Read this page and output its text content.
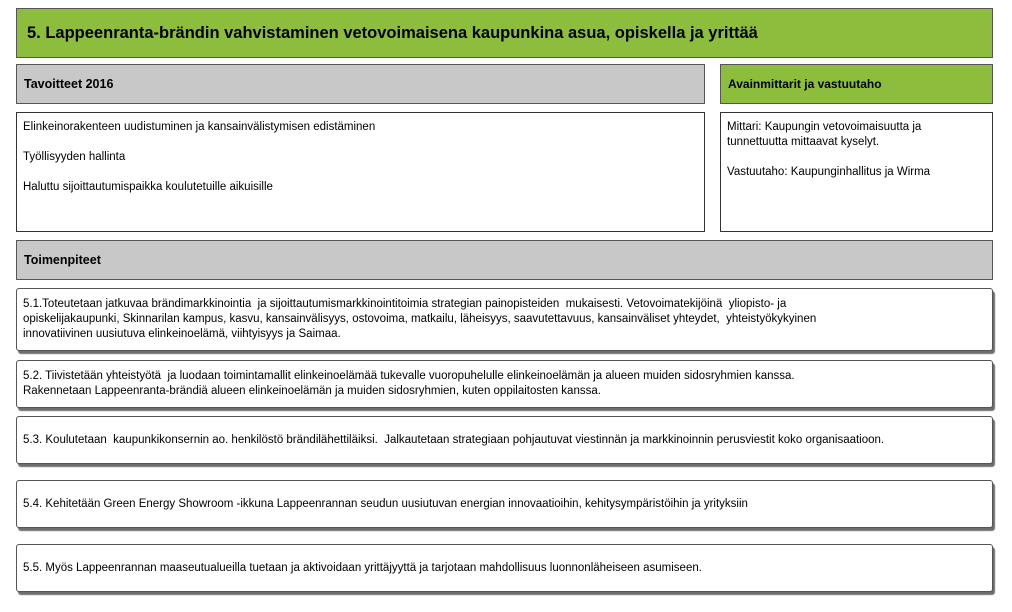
5. Lappeenranta-brändin vahvistaminen vetovoimaisena kaupunkina asua, opiskella ja yrittää
Tavoitteet 2016	Avainmittarit ja vastuutaho
Elinkeinorakenteen uudistuminen ja kansainvälistymisen edistäminen
Työllisyyden hallinta
Haluttu sijoittautumispaikka koulutetuille aikuisille
Mittari: Kaupungin vetovoimaisuutta ja
tunnettuutta mittaavat kyselyt.
Vastuutaho: Kaupunginhallitus ja Wirma
Toimenpiteet
5.1.Toteutetaan jatkuvaa brändimarkkinointia  ja sijoittautumismarkkinointitoimia strategian painopisteiden  mukaisesti. Vetovoimatekijöinä  yliopisto- ja
opiskelijakaupunki, Skinnarilan kampus, kasvu, kansainvälisyys, ostovoima, matkailu, läheisyys, saavutettavuus, kansainväliset yhteydet,  yhteistyökykyinen
innovatiivinen uusiutuva elinkeinoelämä, viihtyisyys ja Saimaa.
5.2. Tiivistetään yhteistyötä  ja luodaan toimintamallit elinkeinoelämää tukevalle vuoropuhelulle elinkeinoelämän ja alueen muiden sidosryhmien kanssa.
Rakennetaan Lappeenranta-brändiä alueen elinkeinoelämän ja muiden sidosryhmien, kuten oppilaitosten kanssa.
5.3. Koulutetaan  kaupunkikonsernin ao. henkilöstö brändilähettiläiksi.  Jalkautetaan strategiaan pohjautuvat viestinnän ja markkinoinnin perusviestit koko organisaatioon.
5.4. Kehitetään Green Energy Showroom -ikkuna Lappeenrannan seudun uusiutuvan energian innovaatioihin, kehitysympäristöihin ja yrityksiin
5.5. Myös Lappeenrannan maaseutualueilla tuetaan ja aktivoidaan yrittäjyyttä ja tarjotaan mahdollisuus luonnonläheiseen asumiseen.
